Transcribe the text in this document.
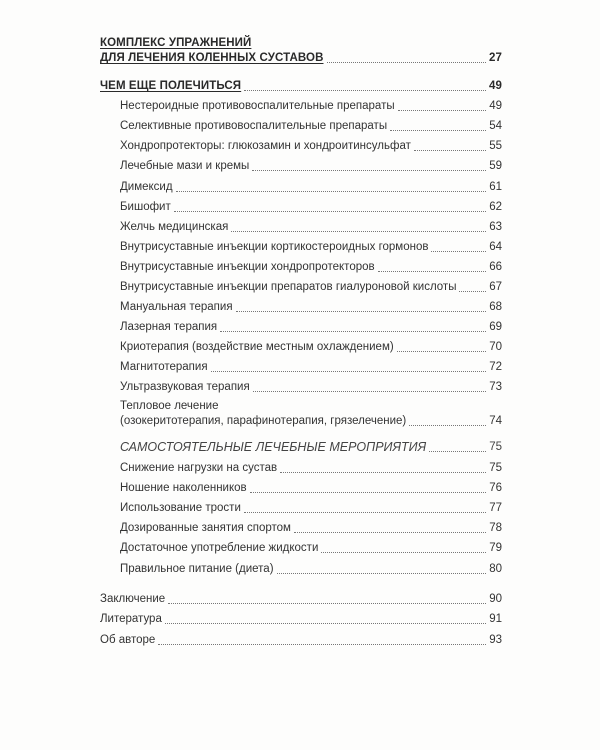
КОМПЛЕКС УПРАЖНЕНИЙ
ДЛЯ ЛЕЧЕНИЯ КОЛЕННЫХ СУСТАВОВ	27
ЧЕМ ЕЩЕ ПОЛЕЧИТЬСЯ	49
Нестероидные противовоспалительные препараты	49
Селективные противовоспалительные препараты	54
Хондропротекторы: глюкозамин и хондроитинсульфат	55
Лечебные мази и кремы	59
Димексид	61
Бишофит	62
Желчь медицинская	63
Внутрисуставные инъекции кортикостероидных гормонов	64
Внутрисуставные инъекции хондропротекторов	66
Внутрисуставные инъекции препаратов гиалуроновой кислоты	67
Мануальная терапия	68
Лазерная терапия	69
Криотерапия (воздействие местным охлаждением)	70
Магнитотерапия	72
Ультразвуковая терапия	73
Тепловое лечение
(озокеритотерапия, парафинотерапия, грязелечение)	74
САМОСТОЯТЕЛЬНЫЕ ЛЕЧЕБНЫЕ МЕРОПРИЯТИЯ	75
Снижение нагрузки на сустав	75
Ношение наколенников	76
Использование трости	77
Дозированные занятия спортом	78
Достаточное употребление жидкости	79
Правильное питание (диета)	80
Заключение	90
Литература	91
Об авторе	93
